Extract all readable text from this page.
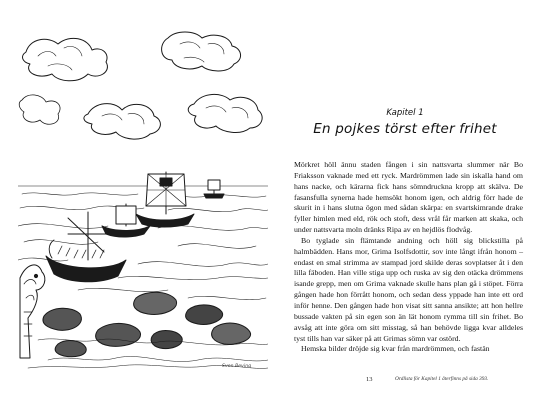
Sven Beving
Kapitel 1
En pojkes törst efter frihet

Mörkret höll ännu staden fången i sin nattsvarta slummer när Bo Friaksson vaknade med ett ryck. Mardrömmen lade sin iskalla hand om hans nacke, och kärarna fick hans sömndruckna kropp att skälva. De fasansfulla synerna hade hemsökt honom igen, och aldrig förr hade de skurit in i hans slutna ögon med sådan skärpa: en svartskimrande drake fyller himlen med eld, rök och stoft, dess vrål får marken att skaka, och under nattsvarta moln dränks Ripa av en hejdlös flodvåg.

Bo tyglade sin flämtande andning och höll sig blickstilla på halmbädden. Hans mor, Grima Isolfsdottir, sov inte långt ifrån honom – endast en smal strimma av stampad jord skilde deras sovplatser åt i den lilla fäboden. Han ville stiga upp och ruska av sig den otäcka drömmens isande grepp, men om Grima vaknade skulle hans plan gå i stöpet. Förra gången hade hon förrått honom, och sedan dess yppade han inte ett ord inför henne. Den gången hade hon visat sitt sanna ansikte; att hon hellre bussade vakten på sin egen son än lät honom rymma till sin frihet. Bo avsåg att inte göra om sitt misstag, så han behövde ligga kvar alldeles tyst tills han var säker på att Grimas sömn var ostörd.

Hemska bilder dröjde sig kvar från mardrömmen, och fastän

13	Ordlista för Kapitel 1 återfinns på sida 393.
